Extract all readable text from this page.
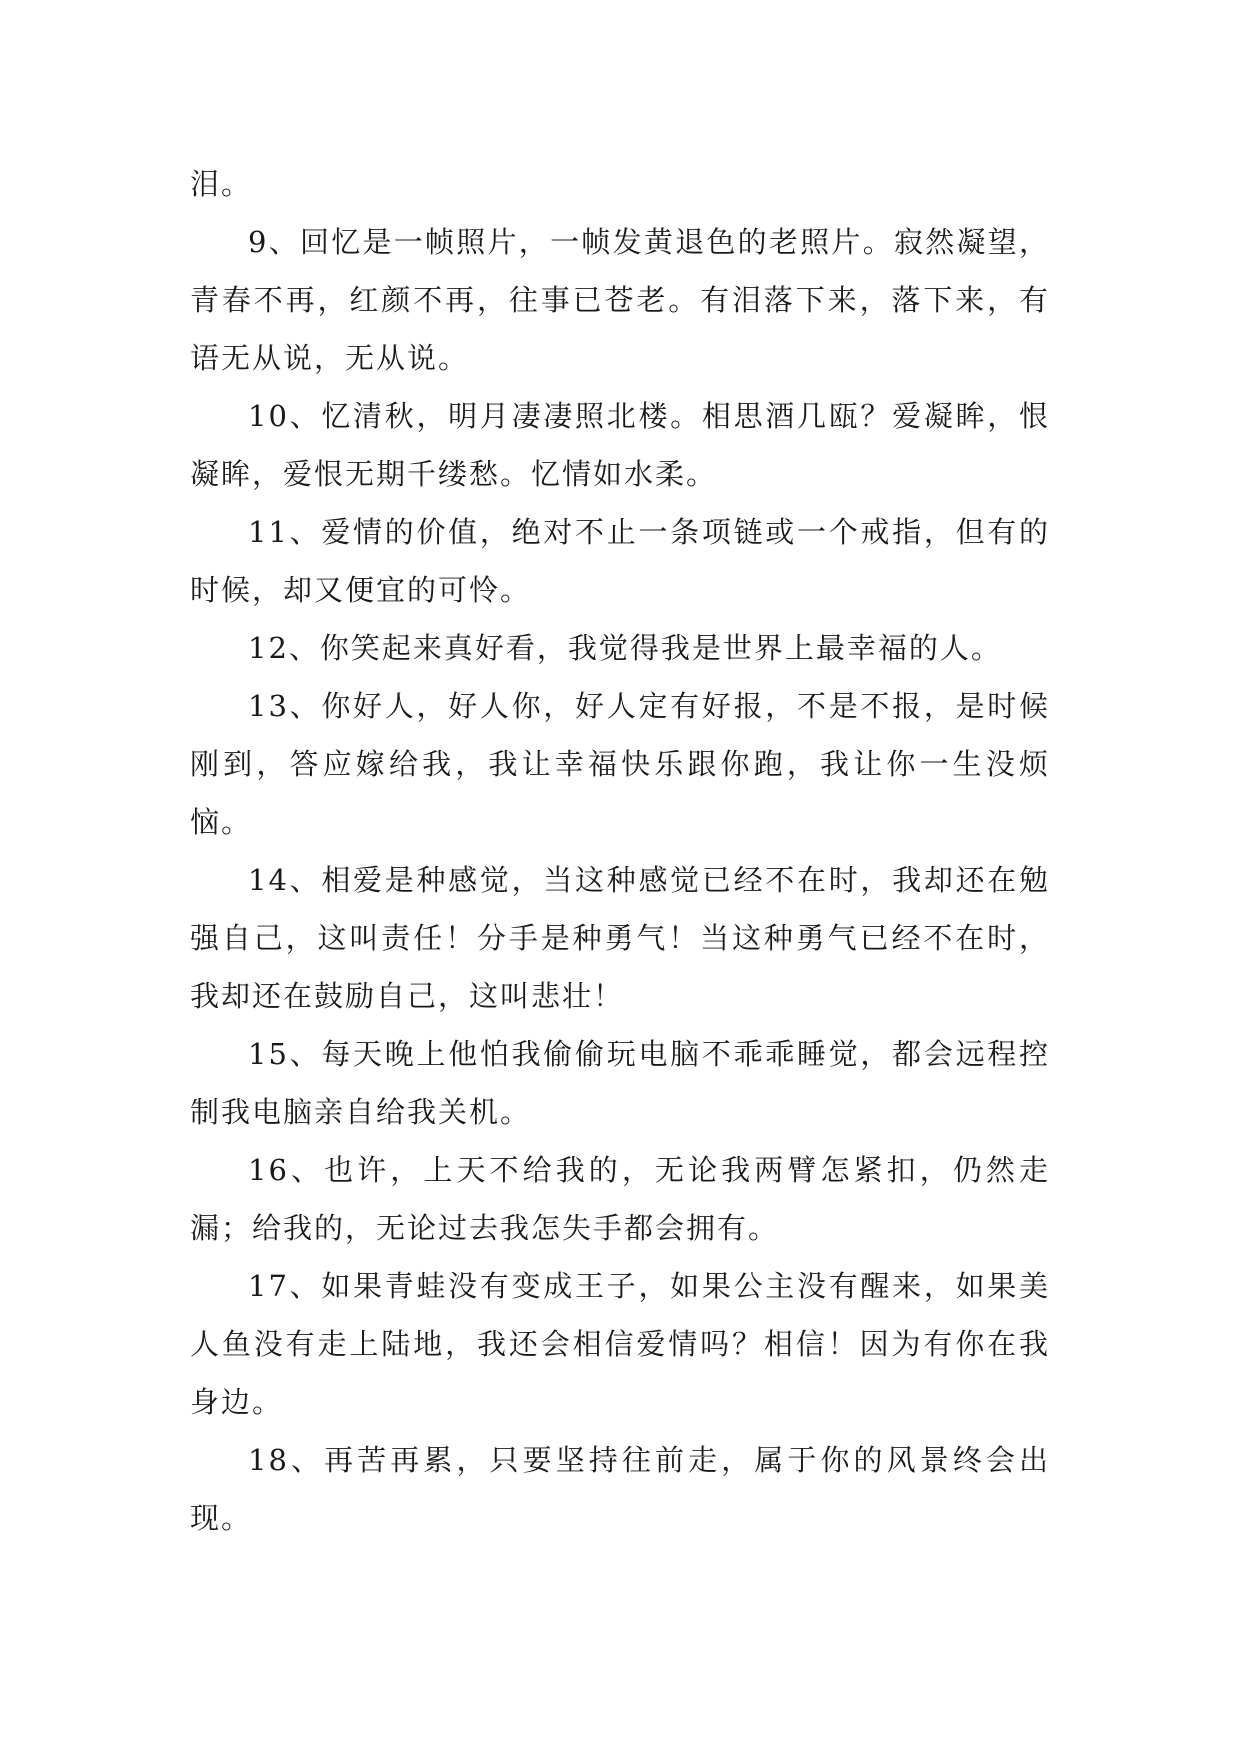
泪。

9、回忆是一帧照片，一帧发黄退色的老照片。寂然凝望，青春不再，红颜不再，往事已苍老。有泪落下来，落下来，有语无从说，无从说。

10、忆清秋，明月凄凄照北楼。相思酒几瓯？爱凝眸，恨凝眸，爱恨无期千缕愁。忆情如水柔。

11、爱情的价值，绝对不止一条项链或一个戒指，但有的时候，却又便宜的可怜。

12、你笑起来真好看，我觉得我是世界上最幸福的人。

13、你好人，好人你，好人定有好报，不是不报，是时候刚到，答应嫁给我，我让幸福快乐跟你跑，我让你一生没烦恼。

14、相爱是种感觉，当这种感觉已经不在时，我却还在勉强自己，这叫责任！分手是种勇气！当这种勇气已经不在时，我却还在鼓励自己，这叫悲壮！

15、每天晚上他怕我偷偷玩电脑不乖乖睡觉，都会远程控制我电脑亲自给我关机。

16、也许，上天不给我的，无论我两臂怎紧扣，仍然走漏；给我的，无论过去我怎失手都会拥有。

17、如果青蛙没有变成王子，如果公主没有醒来，如果美人鱼没有走上陆地，我还会相信爱情吗？相信！因为有你在我身边。

18、再苦再累，只要坚持往前走，属于你的风景终会出现。
